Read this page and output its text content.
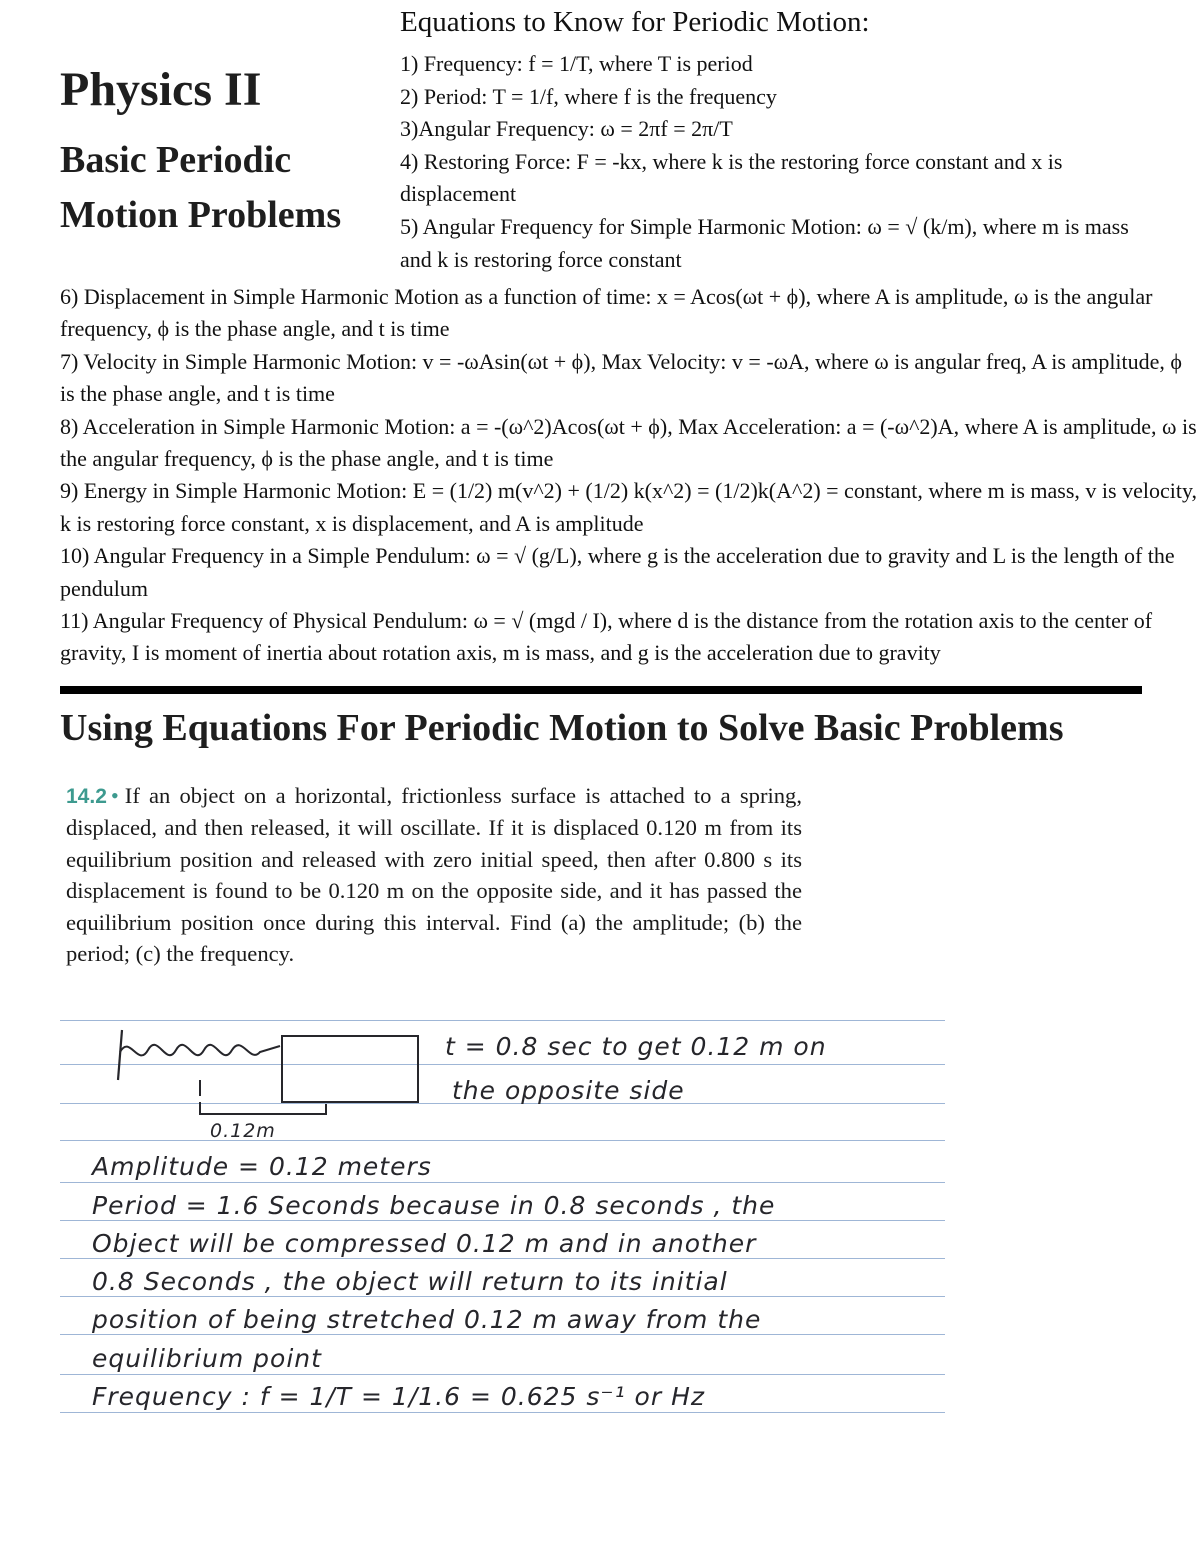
Physics II
Basic Periodic
Motion Problems
Equations to Know for Periodic Motion:

1) Frequency: f = 1/T, where T is period

2) Period: T = 1/f, where f is the frequency

3)Angular Frequency: ω = 2πf = 2π/T

4) Restoring Force: F = -kx, where k is the restoring force constant and x is displacement

5) Angular Frequency for Simple Harmonic Motion: ω = √ (k/m), where m is mass and k is restoring force constant

6) Displacement in Simple Harmonic Motion as a function of time: x = Acos(ωt + ϕ), where A is amplitude, ω is the angular frequency, ϕ is the phase angle, and t is time

7) Velocity in Simple Harmonic Motion: v = -ωAsin(ωt + ϕ), Max Velocity: v = -ωA, where ω is angular freq, A is amplitude, ϕ is the phase angle, and t is time

8) Acceleration in Simple Harmonic Motion: a = -(ω^2)Acos(ωt + ϕ), Max Acceleration: a = (-ω^2)A, where A is amplitude, ω is the angular frequency, ϕ is the phase angle, and t is time

9) Energy in Simple Harmonic Motion: E = (1/2) m(v^2) + (1/2) k(x^2) = (1/2)k(A^2) = constant, where m is mass, v is velocity, k is restoring force constant, x is displacement, and A is amplitude

10) Angular Frequency in a Simple Pendulum: ω = √ (g/L), where g is the acceleration due to gravity and L is the length of the pendulum

11) Angular Frequency of Physical Pendulum: ω = √ (mgd / I), where d is the distance from the rotation axis to the center of gravity, I is moment of inertia about rotation axis, m is mass, and g is the acceleration due to gravity

Using Equations For Periodic Motion to Solve Basic Problems
14.2 • If an object on a horizontal, frictionless surface is attached to a spring, displaced, and then released, it will oscillate. If it is displaced 0.120 m from its equilibrium position and released with zero initial speed, then after 0.800 s its displacement is found to be 0.120 m on the opposite side, and it has passed the equilibrium position once during this interval. Find (a) the amplitude; (b) the period; (c) the frequency.
0.12m
t = 0.8 sec to get 0.12 m on
the opposite side
Amplitude = 0.12 meters
Period = 1.6 Seconds because in 0.8 seconds , the
Object will be compressed 0.12 m and in another
0.8 Seconds , the object will return to its initial
position of being stretched 0.12 m away from the
equilibrium point
Frequency : f = 1/T = 1/1.6 = 0.625 s⁻¹ or Hz
